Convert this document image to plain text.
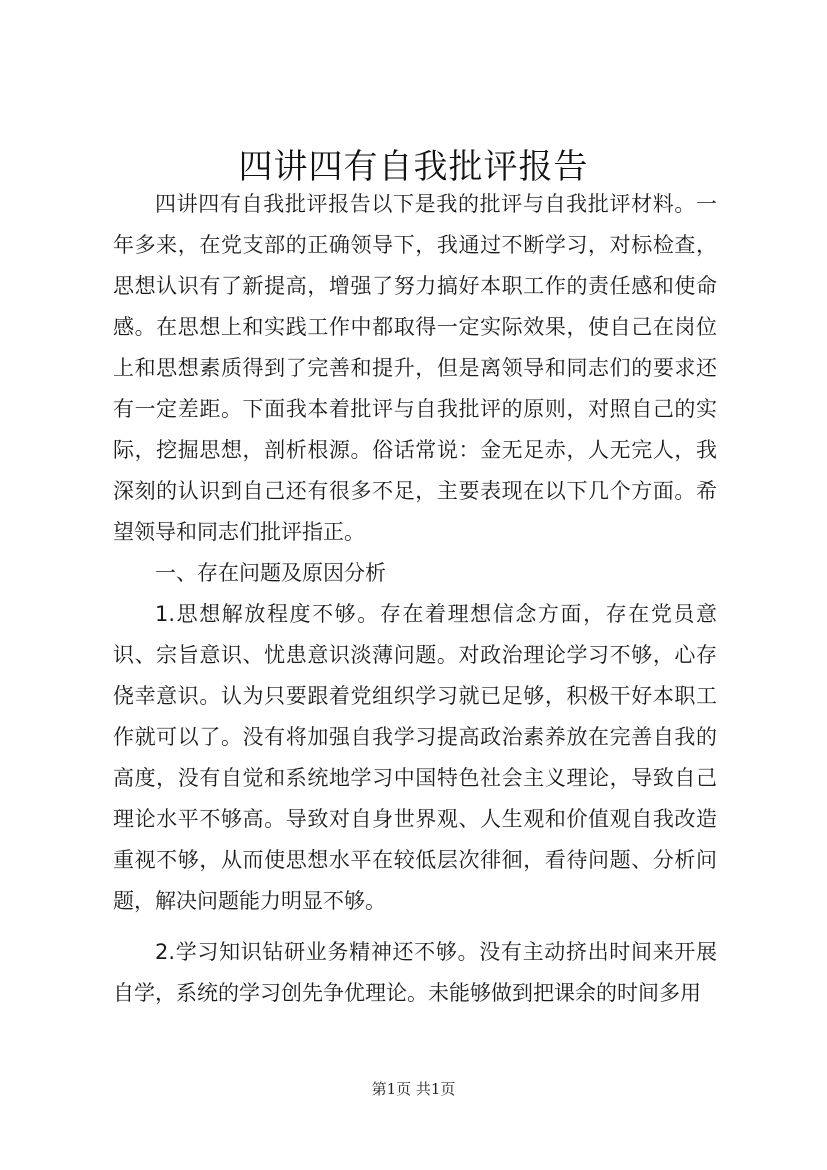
四讲四有自我批评报告

四讲四有自我批评报告以下是我的批评与自我批评材料。一年多来，在党支部的正确领导下，我通过不断学习，对标检查，思想认识有了新提高，增强了努力搞好本职工作的责任感和使命感。在思想上和实践工作中都取得一定实际效果，使自己在岗位上和思想素质得到了完善和提升，但是离领导和同志们的要求还有一定差距。下面我本着批评与自我批评的原则，对照自己的实际，挖掘思想，剖析根源。俗话常说：金无足赤，人无完人，我深刻的认识到自己还有很多不足，主要表现在以下几个方面。希望领导和同志们批评指正。

一、存在问题及原因分析

1.思想解放程度不够。存在着理想信念方面，存在党员意识、宗旨意识、忧患意识淡薄问题。对政治理论学习不够，心存侥幸意识。认为只要跟着党组织学习就已足够，积极干好本职工作就可以了。没有将加强自我学习提高政治素养放在完善自我的高度，没有自觉和系统地学习中国特色社会主义理论，导致自己理论水平不够高。导致对自身世界观、人生观和价值观自我改造重视不够，从而使思想水平在较低层次徘徊，看待问题、分析问题，解决问题能力明显不够。

2.学习知识钻研业务精神还不够。没有主动挤出时间来开展自学，系统的学习创先争优理论。未能够做到把课余的时间多用

第1页 共1页
